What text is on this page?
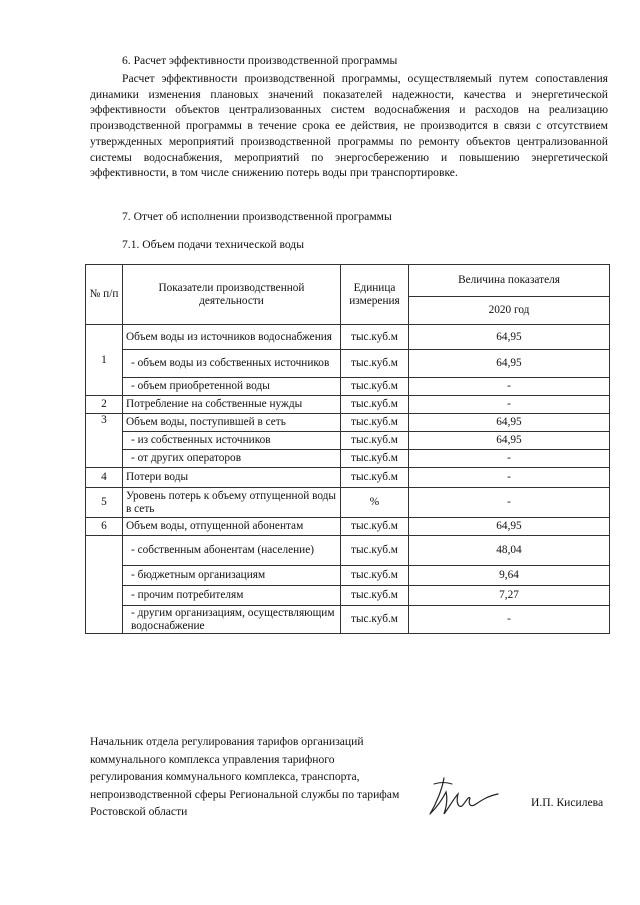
6. Расчет эффективности производственной программы
Расчет эффективности производственной программы, осуществляемый путем сопоставления динамики изменения плановых значений показателей надежности, качества и энергетической эффективности объектов централизованных систем водоснабжения и расходов на реализацию производственной программы в течение срока ее действия, не производится в связи с отсутствием утвержденных мероприятий производственной программы по ремонту объектов централизованной системы водоснабжения, мероприятий по энергосбережению и повышению энергетической эффективности, в том числе снижению потерь воды при транспортировке.
7. Отчет об исполнении производственной программы
7.1. Объем подачи технической воды
№ п/п	Показатели производственной деятельности	Единица измерения	Величина показателя
			2020 год
1	Объем воды из источников водоснабжения	тыс.куб.м	64,95
	- объем воды из собственных источников	тыс.куб.м	64,95
	- объем приобретенной воды	тыс.куб.м	-
2	Потребление на собственные нужды	тыс.куб.м	-
3	Объем воды, поступившей в сеть	тыс.куб.м	64,95
	- из собственных источников	тыс.куб.м	64,95
	- от других операторов	тыс.куб.м	-
4	Потери воды	тыс.куб.м	-
5	Уровень потерь к объему отпущенной воды в сеть	%	-
6	Объем воды, отпущенной абонентам	тыс.куб.м	64,95
	- собственным абонентам (население)	тыс.куб.м	48,04
	- бюджетным организациям	тыс.куб.м	9,64
	- прочим потребителям	тыс.куб.м	7,27
	- другим организациям, осуществляющим водоснабжение	тыс.куб.м	-
Начальник отдела регулирования тарифов организаций коммунального комплекса управления тарифного регулирования коммунального комплекса, транспорта, непроизводственной сферы Региональной службы по тарифам Ростовской области
И.П. Кисилева
